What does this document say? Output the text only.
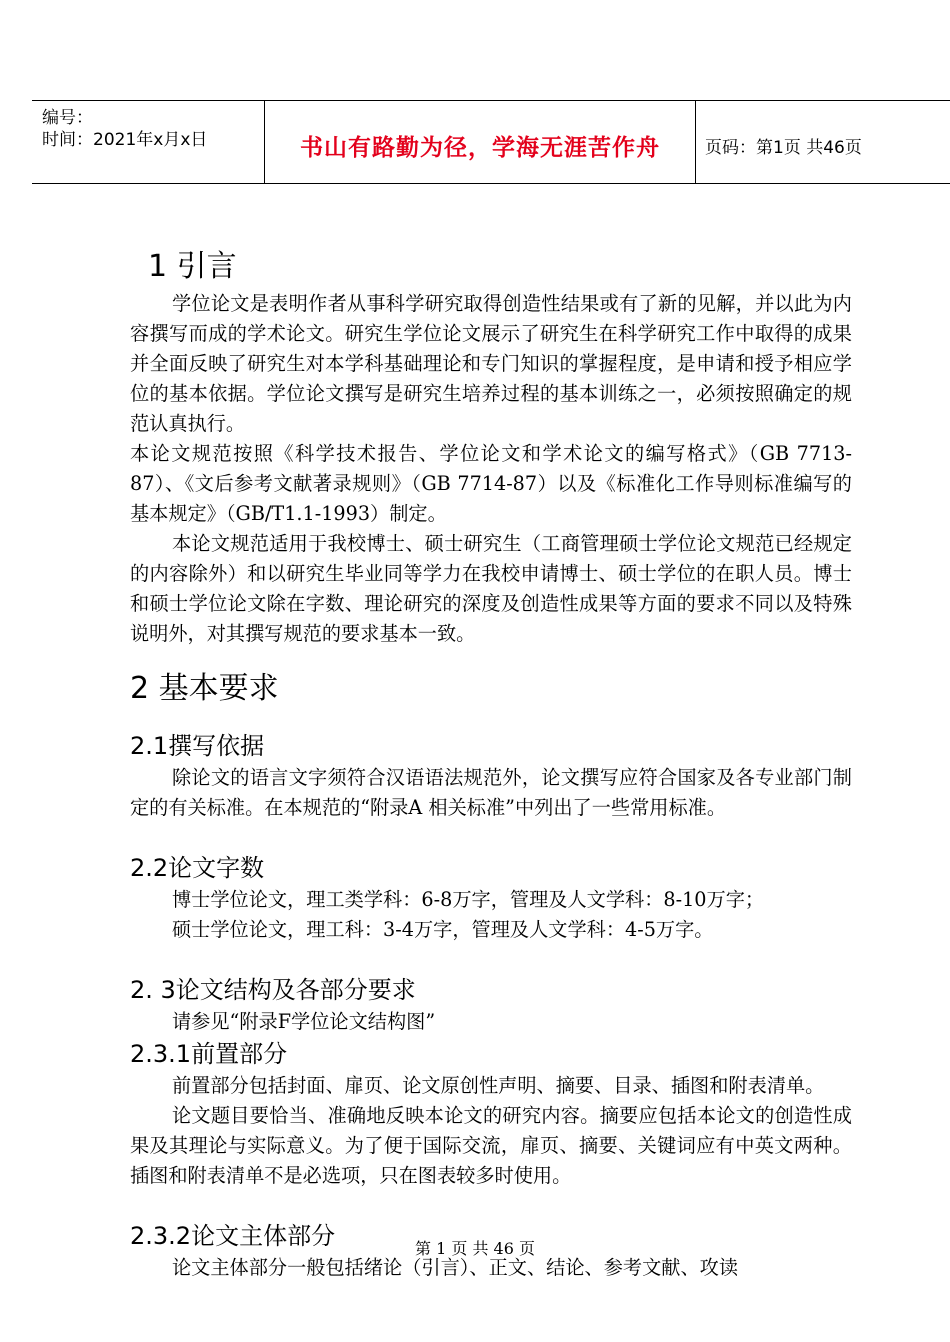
编号：
时间：2021年x月x日	书山有路勤为径，学海无涯苦作舟	页码：第1页 共46页
1 引言

学位论文是表明作者从事科学研究取得创造性结果或有了新的见解，并以此为内容撰写而成的学术论文。研究生学位论文展示了研究生在科学研究工作中取得的成果并全面反映了研究生对本学科基础理论和专门知识的掌握程度，是申请和授予相应学位的基本依据。学位论文撰写是研究生培养过程的基本训练之一，必须按照确定的规范认真执行。

本论文规范按照《科学技术报告、学位论文和学术论文的编写格式》（GB 7713-87）、《文后参考文献著录规则》（GB 7714-87）以及《标准化工作导则标准编写的基本规定》（GB/T1.1-1993）制定。

本论文规范适用于我校博士、硕士研究生（工商管理硕士学位论文规范已经规定的内容除外）和以研究生毕业同等学力在我校申请博士、硕士学位的在职人员。博士和硕士学位论文除在字数、理论研究的深度及创造性成果等方面的要求不同以及特殊说明外，对其撰写规范的要求基本一致。

2 基本要求
2.1撰写依据

除论文的语言文字须符合汉语语法规范外，论文撰写应符合国家及各专业部门制定的有关标准。在本规范的“附录A 相关标准”中列出了一些常用标准。

2.2论文字数

博士学位论文，理工类学科：6-8万字，管理及人文学科：8-10万字；

硕士学位论文，理工科：3-4万字，管理及人文学科：4-5万字。

2. 3论文结构及各部分要求

请参见“附录F学位论文结构图”

2.3.1前置部分

前置部分包括封面、扉页、论文原创性声明、摘要、目录、插图和附表清单。

论文题目要恰当、准确地反映本论文的研究内容。摘要应包括本论文的创造性成果及其理论与实际意义。为了便于国际交流，扉页、摘要、关键词应有中英文两种。插图和附表清单不是必选项，只在图表较多时使用。

2.3.2论文主体部分

论文主体部分一般包括绪论（引言）、正文、结论、参考文献、攻读

第 1 页 共 46 页
